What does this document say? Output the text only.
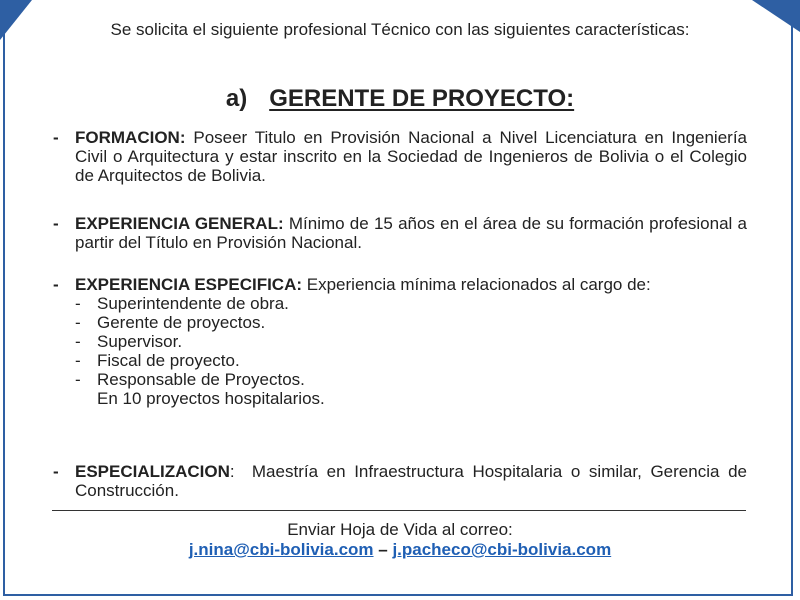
Se solicita el siguiente profesional Técnico con las siguientes características:
a) GERENTE DE PROYECTO:
- FORMACION: Poseer Titulo en Provisión Nacional a Nivel Licenciatura en Ingeniería Civil o Arquitectura y estar inscrito en la Sociedad de Ingenieros de Bolivia o el Colegio de Arquitectos de Bolivia.
- EXPERIENCIA GENERAL: Mínimo de 15 años en el área de su formación profesional a partir del Título en Provisión Nacional.
- EXPERIENCIA ESPECIFICA: Experiencia mínima relacionados al cargo de:
- Superintendente de obra.
- Gerente de proyectos.
- Supervisor.
- Fiscal de proyecto.
- Responsable de Proyectos.
En 10 proyectos hospitalarios.
- ESPECIALIZACION:  Maestría en Infraestructura Hospitalaria o similar, Gerencia de Construcción.
Enviar Hoja de Vida al correo:
j.nina@cbi-bolivia.com – j.pacheco@cbi-bolivia.com
